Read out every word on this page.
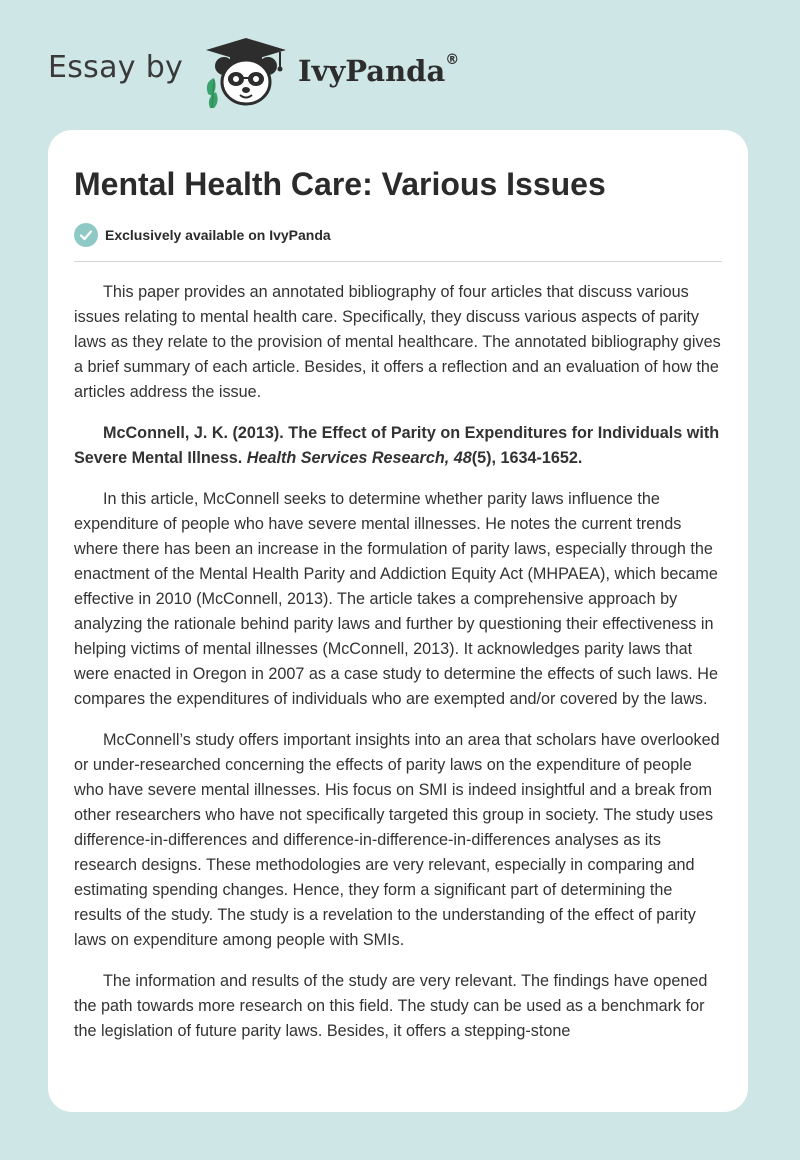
Essay by	IvyPanda®
Mental Health Care: Various Issues
Exclusively available on IvyPanda

This paper provides an annotated bibliography of four articles that discuss various issues relating to mental health care. Specifically, they discuss various aspects of parity laws as they relate to the provision of mental healthcare. The annotated bibliography gives a brief summary of each article. Besides, it offers a reflection and an evaluation of how the articles address the issue.

McConnell, J. K. (2013). The Effect of Parity on Expenditures for Individuals with Severe Mental Illness. Health Services Research, 48(5), 1634-1652.

In this article, McConnell seeks to determine whether parity laws influence the expenditure of people who have severe mental illnesses. He notes the current trends where there has been an increase in the formulation of parity laws, especially through the enactment of the Mental Health Parity and Addiction Equity Act (MHPAEA), which became effective in 2010 (McConnell, 2013). The article takes a comprehensive approach by analyzing the rationale behind parity laws and further by questioning their effectiveness in helping victims of mental illnesses (McConnell, 2013). It acknowledges parity laws that were enacted in Oregon in 2007 as a case study to determine the effects of such laws. He compares the expenditures of individuals who are exempted and/or covered by the laws.

McConnell’s study offers important insights into an area that scholars have overlooked or under-researched concerning the effects of parity laws on the expenditure of people who have severe mental illnesses. His focus on SMI is indeed insightful and a break from other researchers who have not specifically targeted this group in society. The study uses difference-in-differences and difference-in-difference-in-differences analyses as its research designs. These methodologies are very relevant, especially in comparing and estimating spending changes. Hence, they form a significant part of determining the results of the study. The study is a revelation to the understanding of the effect of parity laws on expenditure among people with SMIs.

The information and results of the study are very relevant. The findings have opened the path towards more research on this field. The study can be used as a benchmark for the legislation of future parity laws. Besides, it offers a stepping-stone
